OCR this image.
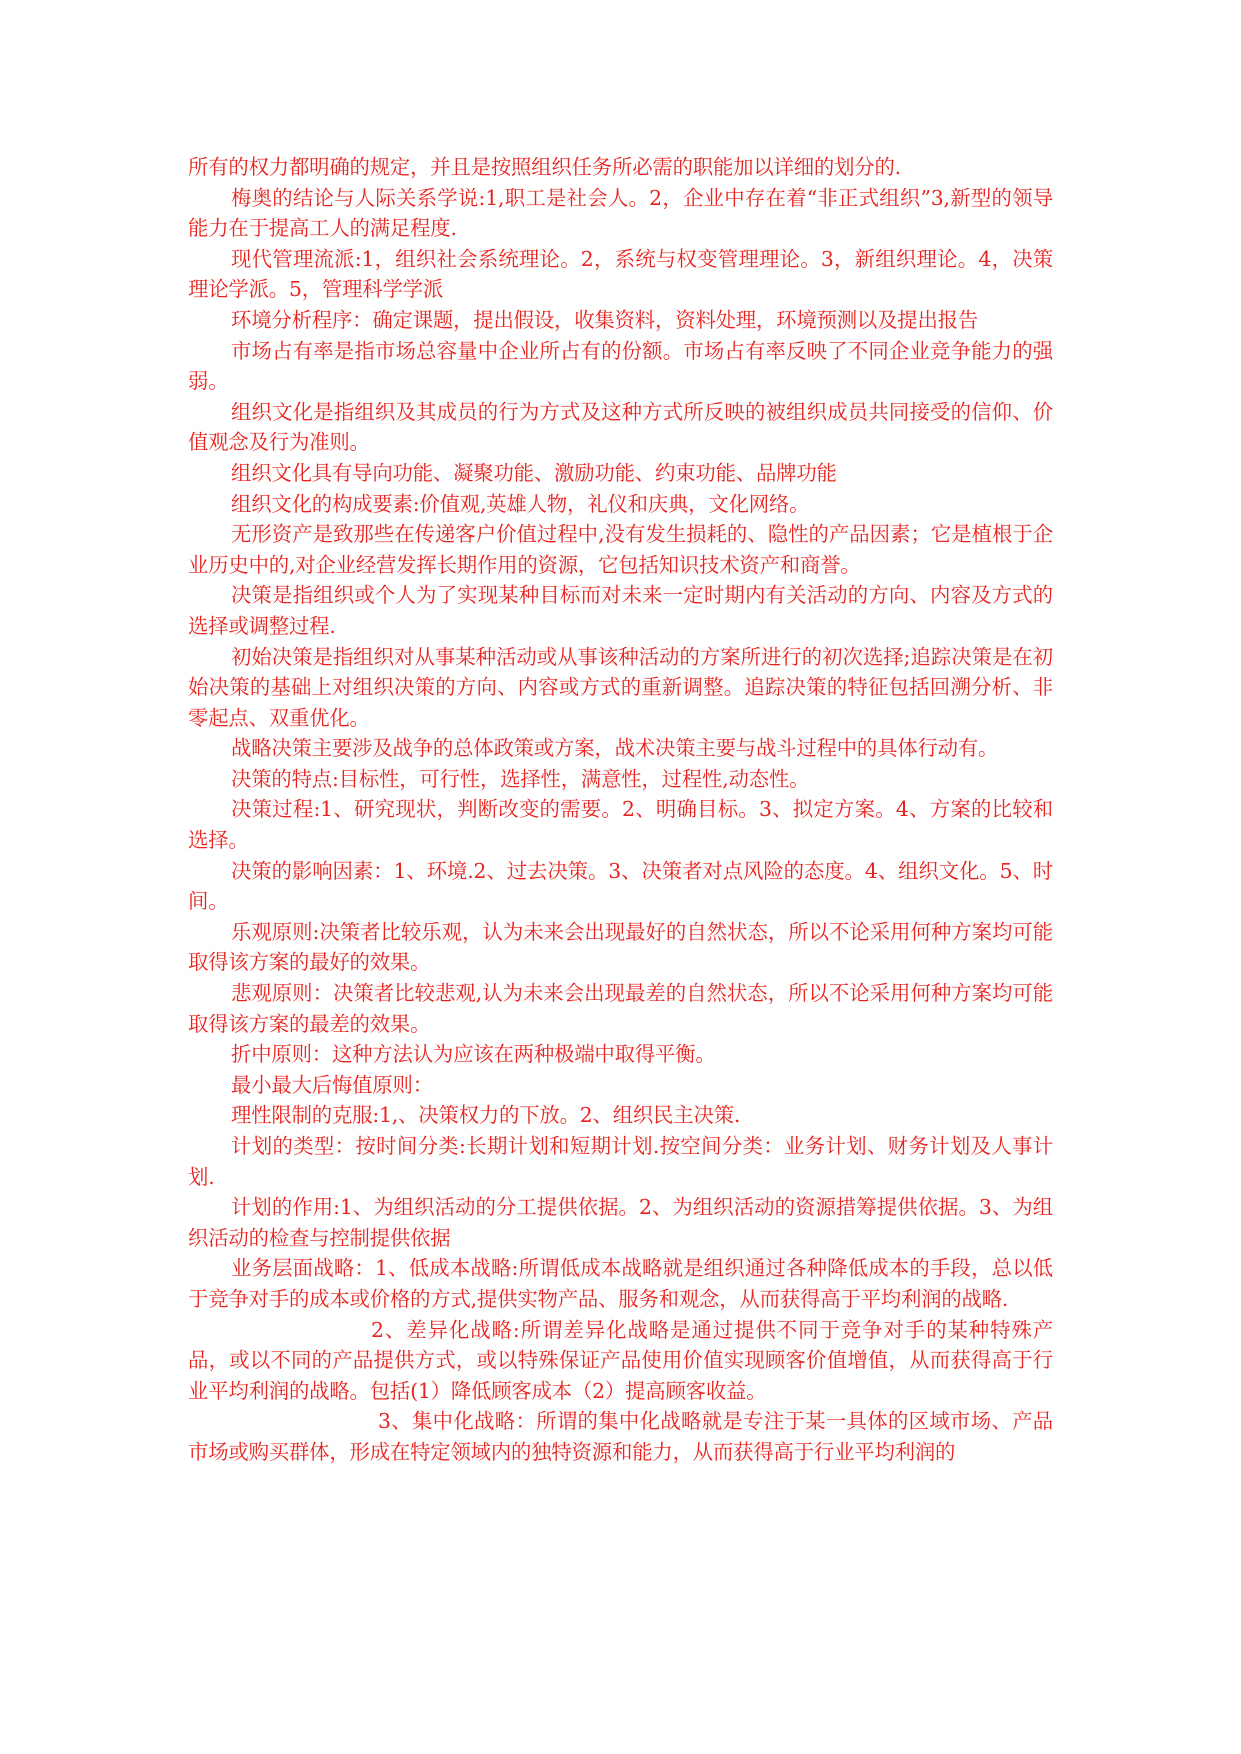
所有的权力都明确的规定，并且是按照组织任务所必需的职能加以详细的划分的.

梅奥的结论与人际关系学说:1,职工是社会人。2，企业中存在着“非正式组织”3,新型的领导能力在于提高工人的满足程度.

现代管理流派:1，组织社会系统理论。2，系统与权变管理理论。3，新组织理论。4，决策理论学派。5，管理科学学派

环境分析程序：确定课题，提出假设，收集资料，资料处理，环境预测以及提出报告

市场占有率是指市场总容量中企业所占有的份额。市场占有率反映了不同企业竞争能力的强弱。

组织文化是指组织及其成员的行为方式及这种方式所反映的被组织成员共同接受的信仰、价值观念及行为准则。

组织文化具有导向功能、凝聚功能、激励功能、约束功能、品牌功能

组织文化的构成要素:价值观,英雄人物，礼仪和庆典，文化网络。

无形资产是致那些在传递客户价值过程中,没有发生损耗的、隐性的产品因素；它是植根于企业历史中的,对企业经营发挥长期作用的资源，它包括知识技术资产和商誉。

决策是指组织或个人为了实现某种目标而对未来一定时期内有关活动的方向、内容及方式的选择或调整过程.

初始决策是指组织对从事某种活动或从事该种活动的方案所进行的初次选择;追踪决策是在初始决策的基础上对组织决策的方向、内容或方式的重新调整。追踪决策的特征包括回溯分析、非零起点、双重优化。

战略决策主要涉及战争的总体政策或方案，战术决策主要与战斗过程中的具体行动有。

决策的特点:目标性，可行性，选择性，满意性，过程性,动态性。

决策过程:1、研究现状，判断改变的需要。2、明确目标。3、拟定方案。4、方案的比较和选择。

决策的影响因素：1、环境.2、过去决策。3、决策者对点风险的态度。4、组织文化。5、时间。

乐观原则:决策者比较乐观，认为未来会出现最好的自然状态，所以不论采用何种方案均可能取得该方案的最好的效果。

悲观原则：决策者比较悲观,认为未来会出现最差的自然状态，所以不论采用何种方案均可能取得该方案的最差的效果。

折中原则：这种方法认为应该在两种极端中取得平衡。

最小最大后悔值原则：

理性限制的克服:1,、决策权力的下放。2、组织民主决策.

计划的类型：按时间分类:长期计划和短期计划.按空间分类：业务计划、财务计划及人事计划.

计划的作用:1、为组织活动的分工提供依据。2、为组织活动的资源措筹提供依据。3、为组织活动的检查与控制提供依据

业务层面战略：1、低成本战略:所谓低成本战略就是组织通过各种降低成本的手段，总以低于竞争对手的成本或价格的方式,提供实物产品、服务和观念，从而获得高于平均利润的战略.

2、差异化战略:所谓差异化战略是通过提供不同于竞争对手的某种特殊产品，或以不同的产品提供方式，或以特殊保证产品使用价值实现顾客价值增值，从而获得高于行业平均利润的战略。包括(1）降低顾客成本（2）提高顾客收益。

3、集中化战略：所谓的集中化战略就是专注于某一具体的区域市场、产品市场或购买群体，形成在特定领域内的独特资源和能力，从而获得高于行业平均利润的
